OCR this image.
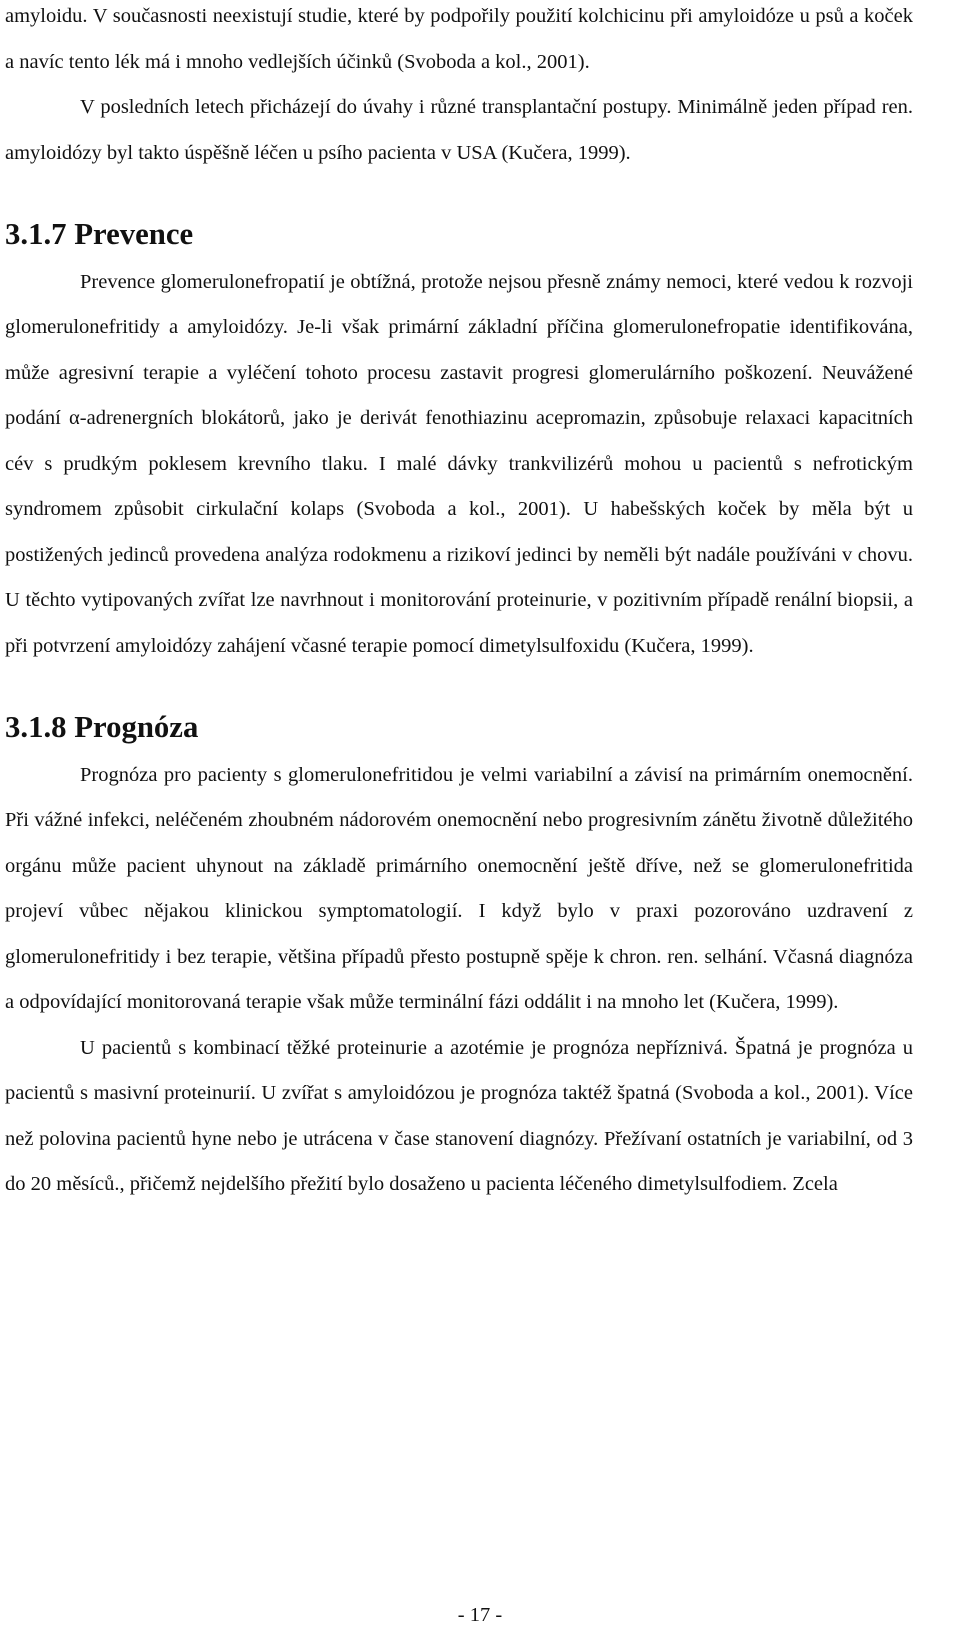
amyloidu. V současnosti neexistují studie, které by podpořily použití kolchicinu při amyloidóze u psů a koček a navíc tento lék má i mnoho vedlejších účinků (Svoboda a kol., 2001).

V posledních letech přicházejí do úvahy i různé transplantační postupy. Minimálně jeden případ ren. amyloidózy byl takto úspěšně léčen u psího pacienta v USA (Kučera, 1999).

3.1.7 Prevence

Prevence glomerulonefropatií je obtížná, protože nejsou přesně známy nemoci, které vedou k rozvoji glomerulonefritidy a amyloidózy. Je-li však primární základní příčina glomerulonefropatie identifikována, může agresivní terapie a vyléčení tohoto procesu zastavit progresi glomerulárního poškození. Neuvážené podání α-adrenergních blokátorů, jako je derivát fenothiazinu acepromazin, způsobuje relaxaci kapacitních cév s prudkým poklesem krevního tlaku. I malé dávky trankvilizérů mohou u pacientů s nefrotickým syndromem způsobit cirkulační kolaps (Svoboda a kol., 2001). U habešských koček by měla být u postižených jedinců provedena analýza rodokmenu a rizikoví jedinci by neměli být nadále používáni v chovu. U těchto vytipovaných zvířat lze navrhnout i monitorování proteinurie, v pozitivním případě renální biopsii, a při potvrzení amyloidózy zahájení včasné terapie pomocí dimetylsulfoxidu (Kučera, 1999).

3.1.8 Prognóza

Prognóza pro pacienty s glomerulonefritidou je velmi variabilní a závisí na primárním onemocnění. Při vážné infekci, neléčeném zhoubném nádorovém onemocnění nebo progresivním zánětu životně důležitého orgánu může pacient uhynout na základě primárního onemocnění ještě dříve, než se glomerulonefritida projeví vůbec nějakou klinickou symptomatologií. I když bylo v praxi pozorováno uzdravení z glomerulonefritidy i bez terapie, většina případů přesto postupně spěje k chron. ren. selhání. Včasná diagnóza a odpovídající monitorovaná terapie však může terminální fázi oddálit i na mnoho let (Kučera, 1999).

U pacientů s kombinací těžké proteinurie a azotémie je prognóza nepříznivá. Špatná je prognóza u pacientů s masivní proteinurií. U zvířat s amyloidózou je prognóza taktéž špatná (Svoboda a kol., 2001). Více než polovina pacientů hyne nebo je utrácena v čase stanovení diagnózy. Přežívaní ostatních je variabilní, od 3 do 20 měsíců., přičemž nejdelšího přežití bylo dosaženo u pacienta léčeného dimetylsulfodiem. Zcela

- 17 -
